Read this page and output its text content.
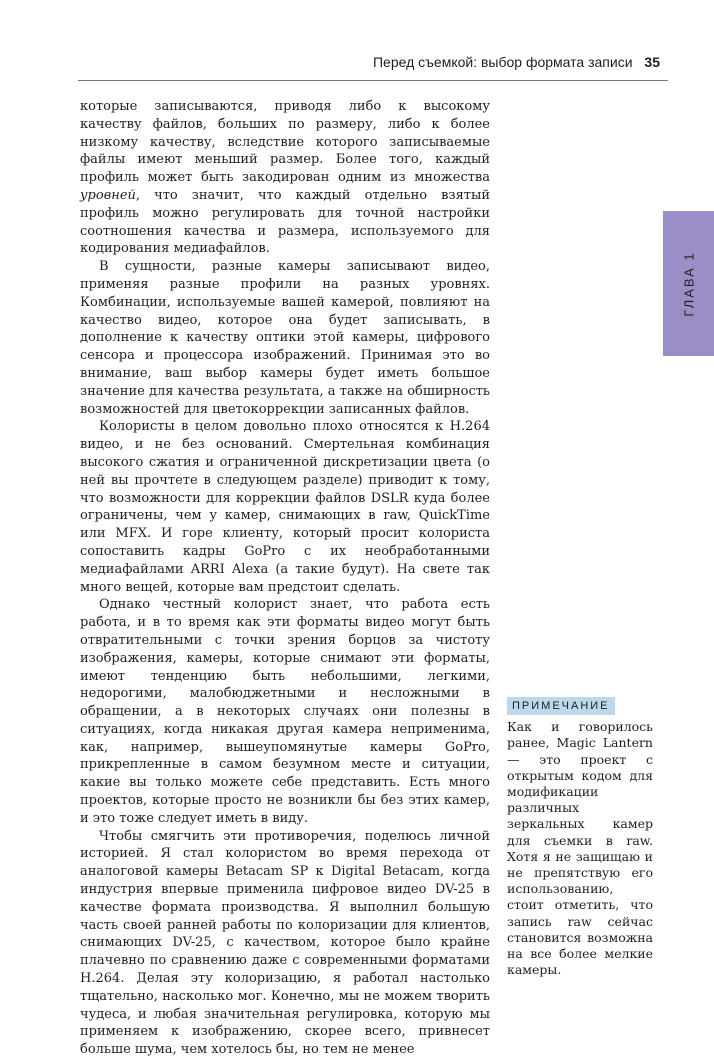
Перед съемкой: выбор формата записи 35
ГЛАВА 1

которые записываются, приводя либо к высокому качеству файлов, больших по размеру, либо к более низкому качеству, вследствие которого записываемые файлы имеют меньший размер. Более того, каждый профиль может быть закодирован одним из множества уровней, что значит, что каждый отдельно взятый профиль можно регулировать для точной настройки соотношения качества и размера, используемого для кодирования медиафайлов.

В сущности, разные камеры записывают видео, применяя разные профили на разных уровнях. Комбинации, используемые вашей камерой, повлияют на качество видео, которое она будет записывать, в дополнение к качеству оптики этой камеры, цифрового сенсора и процессора изображений. Принимая это во внимание, ваш выбор камеры будет иметь большое значение для качества результата, а также на обширность возможностей для цветокоррекции записанных файлов.

Колористы в целом довольно плохо относятся к H.264 видео, и не без оснований. Смертельная комбинация высокого сжатия и ограниченной дискретизации цвета (о ней вы прочтете в следующем разделе) приводит к тому, что возможности для коррекции файлов DSLR куда более ограничены, чем у камер, снимающих в raw, QuickTime или MFX. И горе клиенту, который просит колориста сопоставить кадры GoPro с их необработанными медиафайлами ARRI Alexa (а такие будут). На свете так много вещей, которые вам предстоит сделать.

Однако честный колорист знает, что работа есть работа, и в то время как эти форматы видео могут быть отвратительными с точки зрения борцов за чистоту изображения, камеры, которые снимают эти форматы, имеют тенденцию быть небольшими, легкими, недорогими, малобюджетными и несложными в обращении, а в некоторых случаях они полезны в ситуациях, когда никакая другая камера неприменима, как, например, вышеупомянутые камеры GoPro, прикрепленные в самом безумном месте и ситуации, какие вы только можете себе представить. Есть много проектов, которые просто не возникли бы без этих камер, и это тоже следует иметь в виду.

Чтобы смягчить эти противоречия, поделюсь личной историей. Я стал колористом во время перехода от аналоговой камеры Betacam SP к Digital Betacam, когда индустрия впервые применила цифровое видео DV-25 в качестве формата производства. Я выполнил большую часть своей ранней работы по колоризации для клиентов, снимающих DV-25, с качеством, которое было крайне плачевно по сравнению даже с современными форматами H.264. Делая эту колоризацию, я работал настолько тщательно, насколько мог. Конечно, мы не можем творить чудеса, и любая значительная регулировка, которую мы применяем к изображению, скорее всего, привнесет больше шума, чем хотелось бы, но тем не менее

ПРИМЕЧАНИЕ

Как и говорилось ранее, Magic Lantern — это проект с открытым кодом для модификации различных зеркальных камер для съемки в raw. Хотя я не защищаю и не препятствую его использованию, стоит отметить, что запись raw сейчас становится возможна на все более мелкие камеры.
